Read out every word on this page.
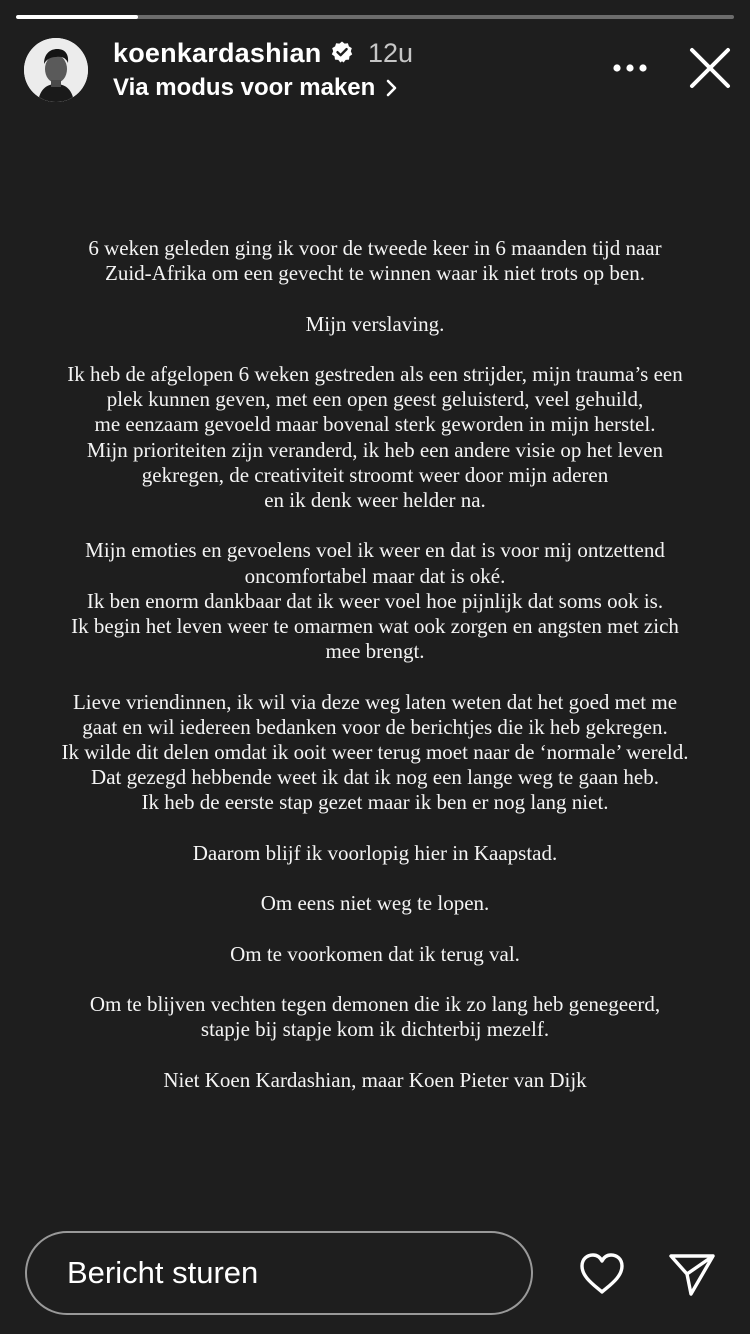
koenkardashian 12u
Via modus voor maken
6 weken geleden ging ik voor de tweede keer in 6 maanden tijd naar
Zuid-Afrika om een gevecht te winnen waar ik niet trots op ben.
Mijn verslaving.
Ik heb de afgelopen 6 weken gestreden als een strijder, mijn trauma’s een
plek kunnen geven, met een open geest geluisterd, veel gehuild,
me eenzaam gevoeld maar bovenal sterk geworden in mijn herstel.
Mijn prioriteiten zijn veranderd, ik heb een andere visie op het leven
gekregen, de creativiteit stroomt weer door mijn aderen
en ik denk weer helder na.
Mijn emoties en gevoelens voel ik weer en dat is voor mij ontzettend
oncomfortabel maar dat is oké.
Ik ben enorm dankbaar dat ik weer voel hoe pijnlijk dat soms ook is.
Ik begin het leven weer te omarmen wat ook zorgen en angsten met zich
mee brengt.
Lieve vriendinnen, ik wil via deze weg laten weten dat het goed met me
gaat en wil iedereen bedanken voor de berichtjes die ik heb gekregen.
Ik wilde dit delen omdat ik ooit weer terug moet naar de ‘normale’ wereld.
Dat gezegd hebbende weet ik dat ik nog een lange weg te gaan heb.
Ik heb de eerste stap gezet maar ik ben er nog lang niet.
Daarom blijf ik voorlopig hier in Kaapstad.
Om eens niet weg te lopen.
Om te voorkomen dat ik terug val.
Om te blijven vechten tegen demonen die ik zo lang heb genegeerd,
stapje bij stapje kom ik dichterbij mezelf.
Niet Koen Kardashian, maar Koen Pieter van Dijk
Bericht sturen
